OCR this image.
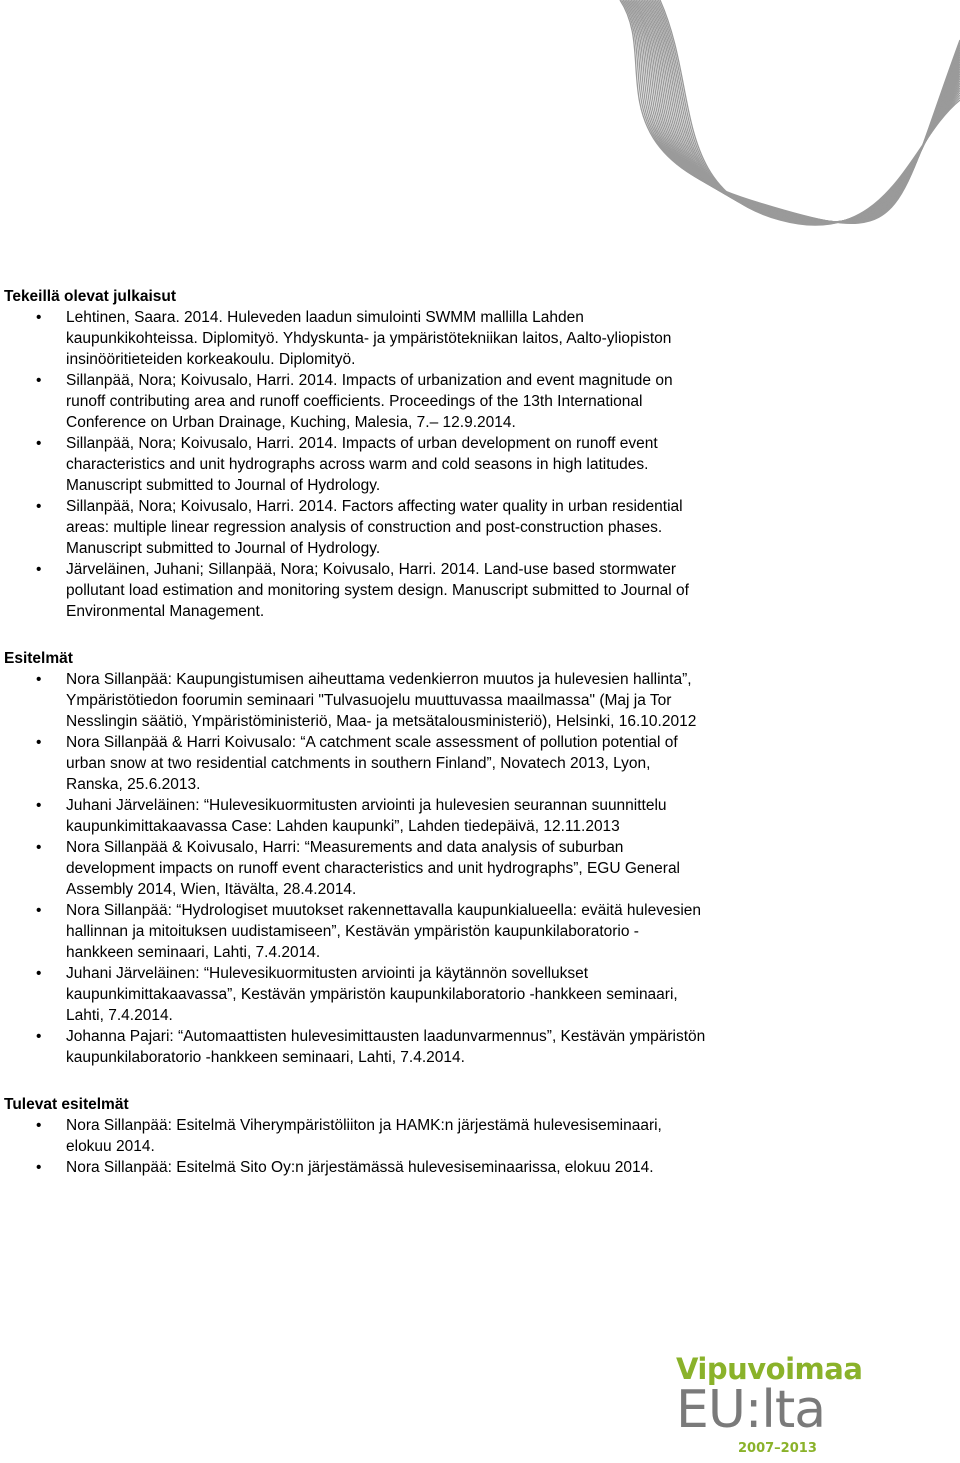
Tekeillä olevat julkaisut
• Lehtinen, Saara. 2014. Huleveden laadun simulointi SWMM mallilla Lahden kaupunkikohteissa. Diplomityö. Yhdyskunta- ja ympäristötekniikan laitos, Aalto-yliopiston insinööritieteiden korkeakoulu. Diplomityö.
• Sillanpää, Nora; Koivusalo, Harri. 2014. Impacts of urbanization and event magnitude on runoff contributing area and runoff coefficients. Proceedings of the 13th International Conference on Urban Drainage, Kuching, Malesia, 7.– 12.9.2014.
• Sillanpää, Nora; Koivusalo, Harri. 2014. Impacts of urban development on runoff event characteristics and unit hydrographs across warm and cold seasons in high latitudes. Manuscript submitted to Journal of Hydrology.
• Sillanpää, Nora; Koivusalo, Harri. 2014. Factors affecting water quality in urban residential areas: multiple linear regression analysis of construction and post-construction phases. Manuscript submitted to Journal of Hydrology.
• Järveläinen, Juhani; Sillanpää, Nora; Koivusalo, Harri. 2014. Land-use based stormwater pollutant load estimation and monitoring system design. Manuscript submitted to Journal of Environmental Management.
Esitelmät
• Nora Sillanpää: Kaupungistumisen aiheuttama vedenkierron muutos ja hulevesien hallinta”, Ympäristötiedon foorumin seminaari "Tulvasuojelu muuttuvassa maailmassa" (Maj ja Tor Nesslingin säätiö, Ympäristöministeriö, Maa- ja metsätalousministeriö), Helsinki, 16.10.2012
• Nora Sillanpää & Harri Koivusalo: “A catchment scale assessment of pollution potential of urban snow at two residential catchments in southern Finland”, Novatech 2013, Lyon, Ranska, 25.6.2013.
• Juhani Järveläinen: “Hulevesikuormitusten arviointi ja hulevesien seurannan suunnittelu kaupunkimittakaavassa Case: Lahden kaupunki”, Lahden tiedepäivä, 12.11.2013
• Nora Sillanpää & Koivusalo, Harri: “Measurements and data analysis of suburban development impacts on runoff event characteristics and unit hydrographs”, EGU General Assembly 2014, Wien, Itävälta, 28.4.2014.
• Nora Sillanpää: “Hydrologiset muutokset rakennettavalla kaupunkialueella: eväitä hulevesien hallinnan ja mitoituksen uudistamiseen”, Kestävän ympäristön kaupunkilaboratorio -hankkeen seminaari, Lahti, 7.4.2014.
• Juhani Järveläinen: “Hulevesikuormitusten arviointi ja käytännön sovellukset kaupunkimittakaavassa”, Kestävän ympäristön kaupunkilaboratorio -hankkeen seminaari, Lahti, 7.4.2014.
• Johanna Pajari: “Automaattisten hulevesimittausten laadunvarmennus”, Kestävän ympäristön kaupunkilaboratorio -hankkeen seminaari, Lahti, 7.4.2014.
Tulevat esitelmät
• Nora Sillanpää: Esitelmä Viherympäristöliiton ja HAMK:n järjestämä hulevesiseminaari, elokuu 2014.
• Nora Sillanpää: Esitelmä Sito Oy:n järjestämässä hulevesiseminaarissa, elokuu 2014.
Vipuvoimaa
EU:lta
2007–2013
